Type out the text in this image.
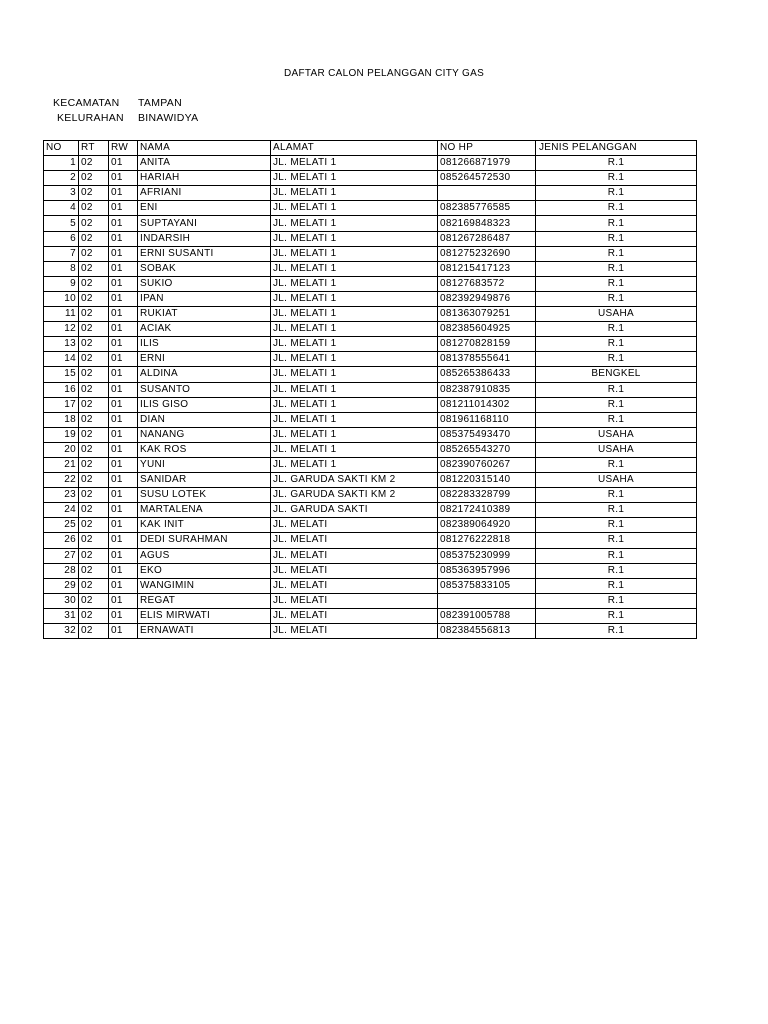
DAFTAR CALON PELANGGAN CITY GAS
KECAMATAN TAMPAN
KELURAHAN BINAWIDYA
NO	RT	RW	NAMA	ALAMAT	NO HP	JENIS PELANGGAN
1	02	01	ANITA	JL. MELATI 1	081266871979	R.1
2	02	01	HARIAH	JL. MELATI 1	085264572530	R.1
3	02	01	AFRIANI	JL. MELATI 1		R.1
4	02	01	ENI	JL. MELATI 1	082385776585	R.1
5	02	01	SUPTAYANI	JL. MELATI 1	082169848323	R.1
6	02	01	INDARSIH	JL. MELATI 1	081267286487	R.1
7	02	01	ERNI SUSANTI	JL. MELATI 1	081275232690	R.1
8	02	01	SOBAK	JL. MELATI 1	081215417123	R.1
9	02	01	SUKIO	JL. MELATI 1	08127683572	R.1
10	02	01	IPAN	JL. MELATI 1	082392949876	R.1
11	02	01	RUKIAT	JL. MELATI 1	081363079251	USAHA
12	02	01	ACIAK	JL. MELATI 1	082385604925	R.1
13	02	01	ILIS	JL. MELATI 1	081270828159	R.1
14	02	01	ERNI	JL. MELATI 1	081378555641	R.1
15	02	01	ALDINA	JL. MELATI 1	085265386433	BENGKEL
16	02	01	SUSANTO	JL. MELATI 1	082387910835	R.1
17	02	01	ILIS GISO	JL. MELATI 1	081211014302	R.1
18	02	01	DIAN	JL. MELATI 1	081961168110	R.1
19	02	01	NANANG	JL. MELATI 1	085375493470	USAHA
20	02	01	KAK ROS	JL. MELATI 1	085265543270	USAHA
21	02	01	YUNI	JL. MELATI 1	082390760267	R.1
22	02	01	SANIDAR	JL. GARUDA SAKTI KM 2	081220315140	USAHA
23	02	01	SUSU LOTEK	JL. GARUDA SAKTI KM 2	082283328799	R.1
24	02	01	MARTALENA	JL. GARUDA SAKTI	082172410389	R.1
25	02	01	KAK INIT	JL. MELATI	082389064920	R.1
26	02	01	DEDI SURAHMAN	JL. MELATI	081276222818	R.1
27	02	01	AGUS	JL. MELATI	085375230999	R.1
28	02	01	EKO	JL. MELATI	085363957996	R.1
29	02	01	WANGIMIN	JL. MELATI	085375833105	R.1
30	02	01	REGAT	JL. MELATI		R.1
31	02	01	ELIS MIRWATI	JL. MELATI	082391005788	R.1
32	02	01	ERNAWATI	JL. MELATI	082384556813	R.1
